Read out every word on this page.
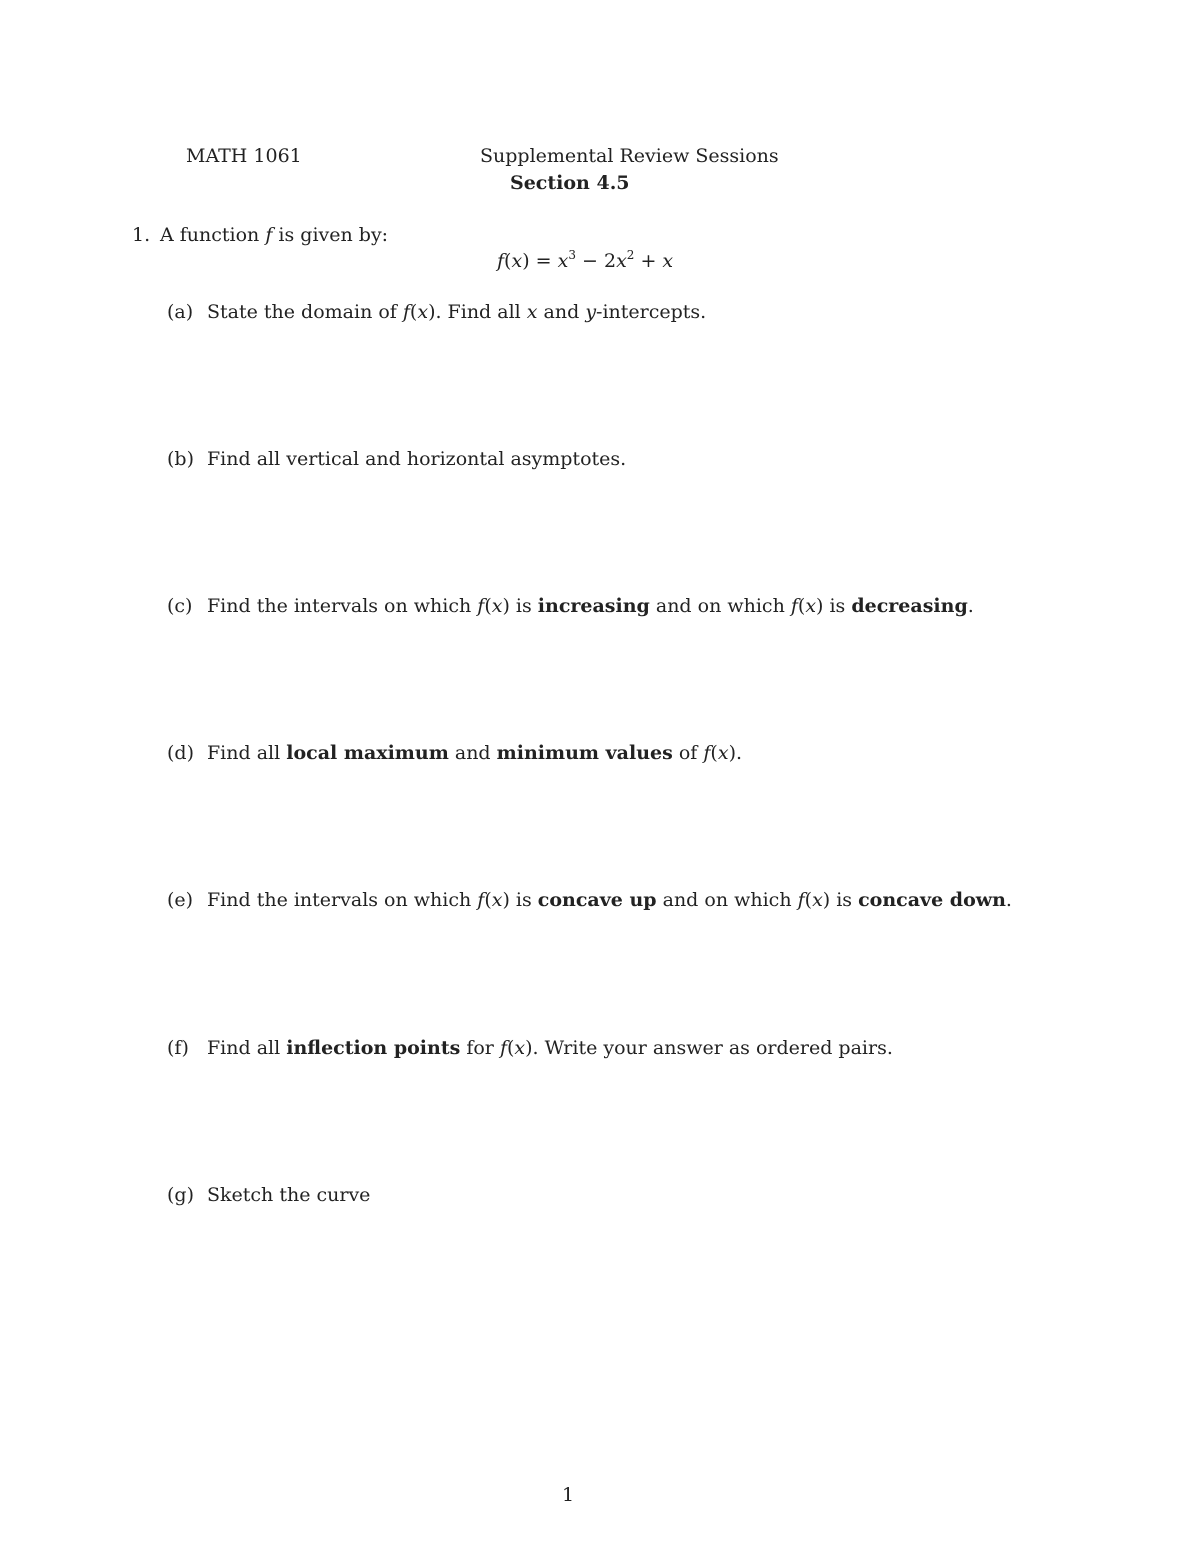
MATH 1061	Supplemental Review Sessions
Section 4.5
1. A function f is given by:
$f(x) = x^3 - 2x^2 + x$
(a) State the domain of f(x). Find all x and y-intercepts.
(b) Find all vertical and horizontal asymptotes.
(c) Find the intervals on which f(x) is increasing and on which f(x) is decreasing.
(d) Find all local maximum and minimum values of f(x).
(e) Find the intervals on which f(x) is concave up and on which f(x) is concave down.
(f) Find all inflection points for f(x). Write your answer as ordered pairs.
(g) Sketch the curve
1
